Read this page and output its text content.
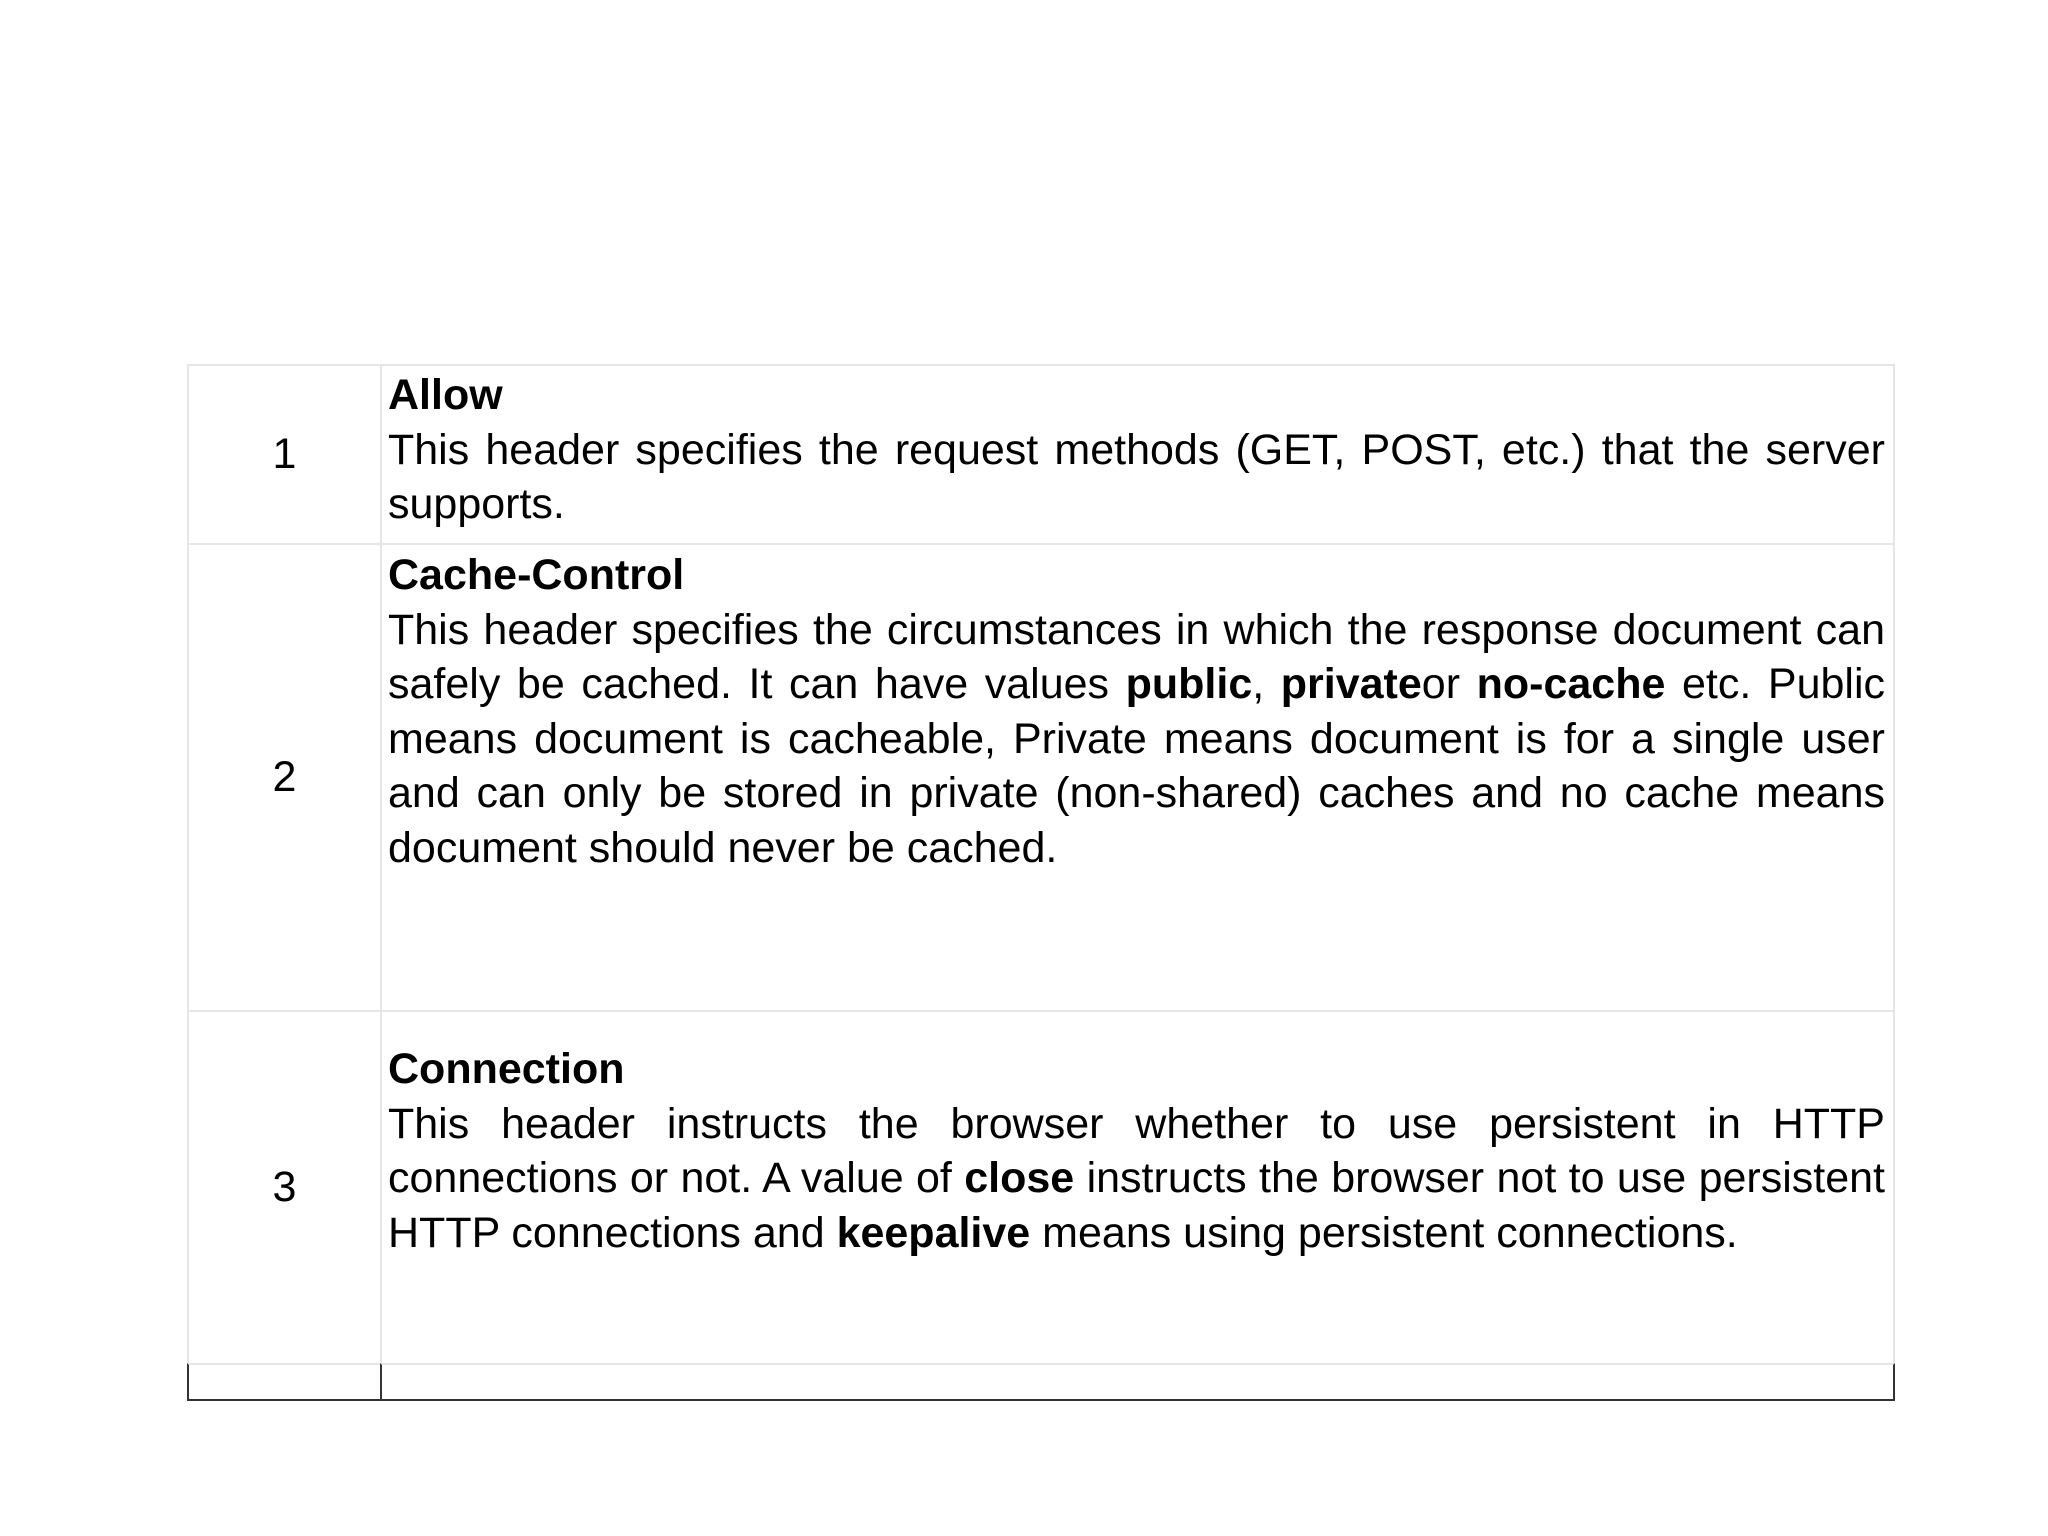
1
Allow
This header specifies the request methods (GET, POST, etc.) that the server supports.
2
Cache-Control
This header specifies the circumstances in which the response document can safely be cached. It can have values public, privateor no-cache etc. Public means document is cacheable, Private means document is for a single user and can only be stored in private (non-shared) caches and no cache means document should never be cached.
3
Connection
This header instructs the browser whether to use persistent in HTTP connections or not. A value of close instructs the browser not to use persistent HTTP connections and keepalive means using persistent connections.
